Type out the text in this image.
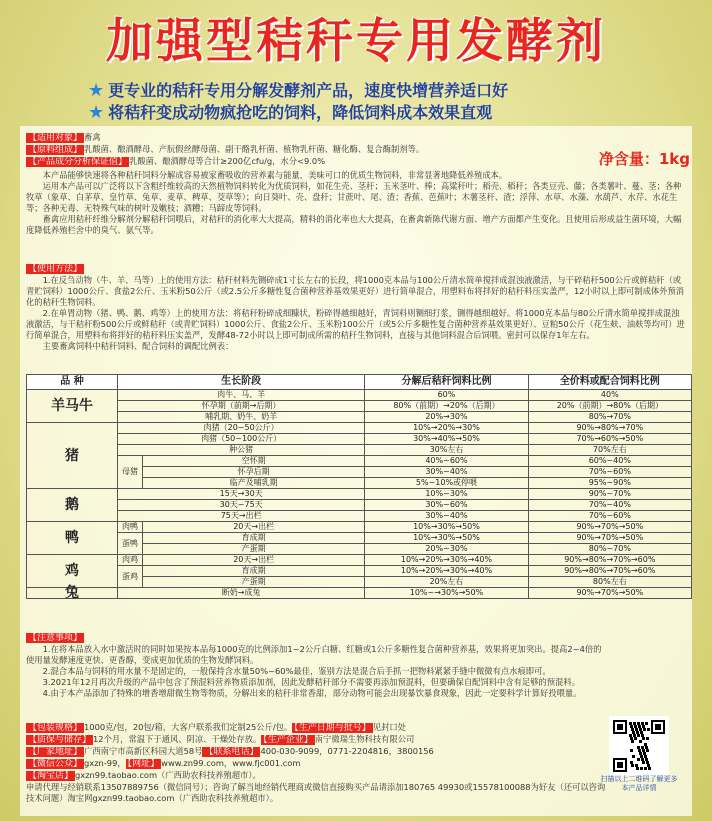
加强型秸秆专用发酵剂
★ 更专业的秸秆专用分解发酵剂产品，速度快增营养适口好
★ 将秸秆变成动物疯抢吃的饲料，降低饲料成本效果直观
【适用对象】 畜禽
【原料组成】 乳酸菌、酿酒酵母、产朊假丝酵母菌、副干酪乳杆菌、植物乳杆菌、糖化酶、复合酶制剂等。
【产品成分分析保证值】 乳酸菌、酿酒酵母等合计≥200亿cfu/g，水分<9.0%
本产品能够快速将各种秸秆饲料分解成容易被家畜吸收的营养素与能量，美味可口的优质生物饲料，非常显著地降低养殖成本。
运用本产品可以广泛将以下含粗纤维较高的天然植物饲料转化为优质饲料，如花生壳、茎秆；玉米茎叶、棒；高粱秆叶；稻壳、稻秆；各类豆壳、藤；各类薯叶、蔓、茎；各种牧草（象草、白茅草、皇竹草、兔草、麦草、稗草、茭草等）；向日葵叶、壳、盘秆；甘蔗叶、尾、渣；香蕉、芭蕉叶；木薯茎秆、渣；浮萍、水草、水藻、水葫芦、水芹、水花生等；各种无毒、无特殊气味的树叶及嫩枝；酒糟；马蹄皮等饲料。
畜禽应用秸秆纤维分解剂分解秸秆饲喂后，对秸秆的消化率大大提高，精料的消化率也大大提高，在畜禽新陈代谢方面、增产方面都产生变化。且使用后形成益生菌环境，大幅度降低养殖栏舍中的臭气、氨气等。
【使用方法】
1.在反刍动物（牛、羊、马等）上的使用方法：秸秆材料先铡碎成1寸长左右的长段，将1000克本品与100公斤清水简单搅拌成混浊液激活，与干碎秸秆500公斤或鲜秸秆（或青贮饲料）1000公斤、食盐2公斤、玉米粉50公斤（或2.5公斤多糖性复合菌种营养基效果更好）进行简单混合，用塑料布将拌好的秸秆料压实盖严，12小时以上即可制成体外预消化的秸秆生物饲料。
2.在单胃动物（猪、鸭、鹅、鸡等）上的使用方法：将秸秆粉碎成细糠状，粉碎得越细越好，青饲料则铡细打浆，铡得越细越好。将1000克本品与80公斤清水简单搅拌成混浊液激活，与干秸秆粉500公斤或鲜秸秆（或青贮饲料）1000公斤、食盐2公斤、玉米粉100公斤（或5公斤多糖性复合菌种营养基效果更好）、豆粕50公斤（花生麸、油麸等均可）进行简单混合，用塑料布将拌好的秸秆料压实盖严，发酵48-72小时以上即可制成所需的秸秆生物饲料，直接与其他饲料混合后饲喂。密封可以保存1年左右。
主要畜禽饲料中秸秆饲料、配合饲料的调配比例表：
净含量：1kg
品 种	生长阶段		分解后秸秆饲料比例	全价料或配合饲料比例
羊马牛	肉牛、马、羊		60%	40%
	怀孕期（前期→后期）		80%（前期）→20%（后期）	20%（前期）→80%（后期）
	哺乳期、奶牛、奶羊		20%→30%	80%→70%
猪	肉猪（20~50公斤）		10%→20%→30%	90%→80%→70%
	肉猪（50~100公斤）		30%→40%→50%	70%→60%→50%
	种公猪		30%左右	70%左右
	母猪	空怀期	40%~60%	60%~40%
		怀孕后期	30%~40%	70%~60%
		临产及哺乳期	5%~10%或停喂	95%~90%
鹅	15天→30天		10%~30%	90%~70%
	30天~75天		30%~60%	70%~40%
	75天→出栏		30%~40%	70%~60%
鸭	肉鸭	20天→出栏	10%→30%→50%	90%→70%→50%
	蛋鸭	育成期	10%→30%→50%	90%→70%→50%
		产蛋期	20%~30%	80%~70%
鸡	肉鸡	20天→出栏	10%→20%→30%→40%	90%→80%→70%→60%
	蛋鸡	育成期	10%→20%→30%→40%	90%→80%→70%→60%
		产蛋期	20%左右	80%左右
兔	断奶→成兔		10%~→30%→50%	90%→70%→50%
【注意事项】
1.在将本品放入水中激活时的同时如果按本品每1000克的比例添加1~2公斤白糖、红糖或1公斤多糖性复合菌种营养基，效果将更加突出。提高2~4倍的使用量发酵速度更快、更香醇，变成更加优质的生物发酵饲料。
2.混合本品与饲料的用水量不是固定的，一般保持含水量50%~60%最佳，鉴别方法是混合后手抓一把物料紧紧手缝中微微有点水痕即可。
3.2021年12月再次升级的产品中包含了预混料营养物质添加剂，因此发酵秸秆部分不需要再添加预混料，但要确保自配饲料中含有足够的预混料。
4.由于本产品添加了特殊的增香增甜微生物等物质，分解出来的秸秆非常香甜，部分动物可能会出现暴饮暴食现象，因此一定要科学计算好投喂量。
【包装规格】 1000克/包，20包/箱，大客户联系我们定制25公斤/包。 【生产日期与批号】 见封口处
【质保与储存】 12个月，常温下于通风、阴凉、干燥处存放。 【生产企业】 南宁微瑞生物科技有限公司
【厂家地址】 广西南宁市高新区科园大道58号 【联系电话】 400-030-9099，0771-2204816，3800156
【微信公众】 gxzn-99， 【网址】 www.zn99.com，www.fjc001.com
【淘宝店】 gxzn99.taobao.com（广西助农科技养殖超市）。
申请代理与经销联系13507889756（微信同号）；咨询了解当地经销代理商或微信直接购买产品请添加180765 49930或15578100088为好友（还可以咨询技术问题）淘宝网gxzn99.taobao.com（广西助农科技养殖超市）。
扫描以上二维码了解更多本产品详情
